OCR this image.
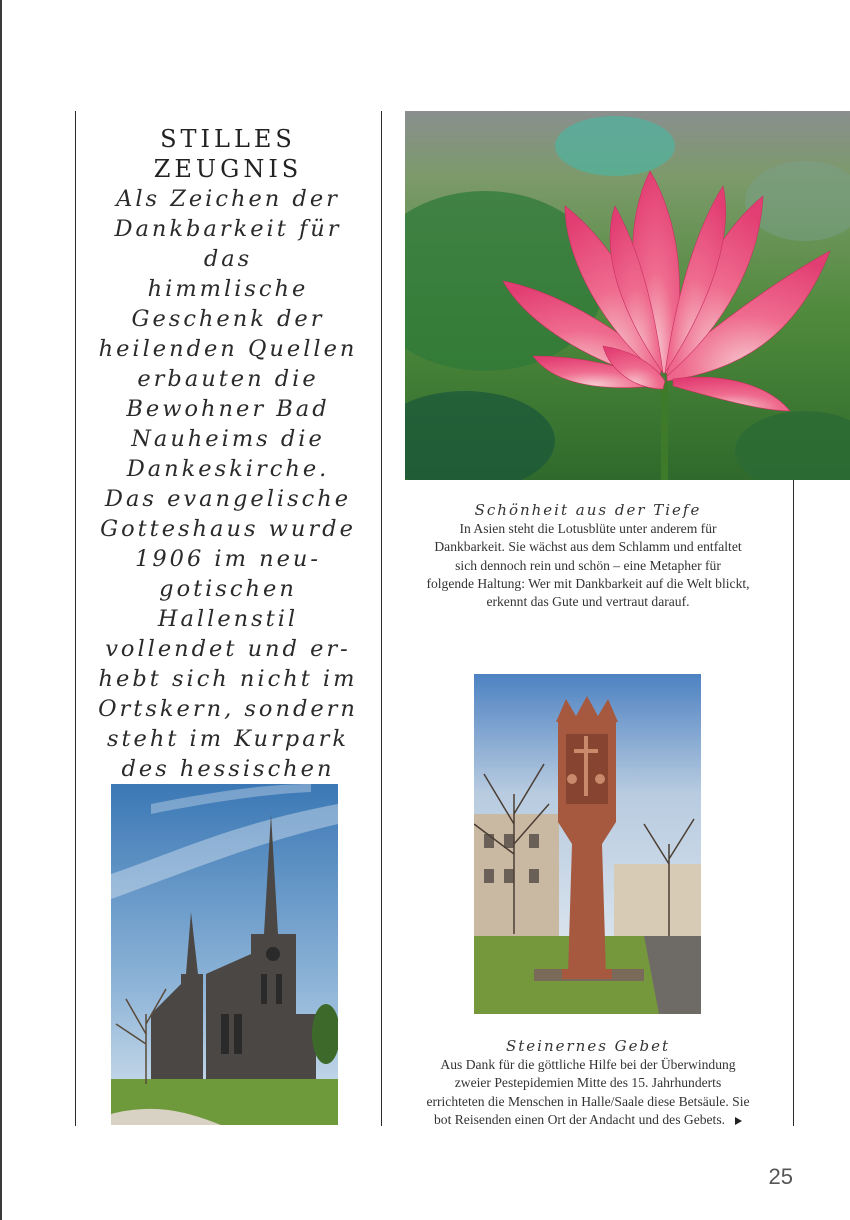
STILLES
ZEUGNIS
Als Zeichen der
Dankbarkeit für das
himmlische
Geschenk der
heilenden Quellen
erbauten die
Bewohner Bad
Nauheims die
Dankeskirche.
Das evangelische
Gotteshaus wurde
1906 im neu-
gotischen Hallenstil
vollendet und er-
hebt sich nicht im
Ortskern, sondern
steht im Kurpark
des hessischen
Schönheit aus der Tiefe
In Asien steht die Lotusblüte unter anderem für
Dankbarkeit. Sie wächst aus dem Schlamm und entfaltet
sich dennoch rein und schön – eine Metapher für
folgende Haltung: Wer mit Dankbarkeit auf die Welt blickt,
erkennt das Gute und vertraut darauf.
Steinernes Gebet
Aus Dank für die göttliche Hilfe bei der Überwindung
zweier Pestepidemien Mitte des 15. Jahrhunderts
errichteten die Menschen in Halle/Saale diese Betsäule. Sie
bot Reisenden einen Ort der Andacht und des Gebets.
25
